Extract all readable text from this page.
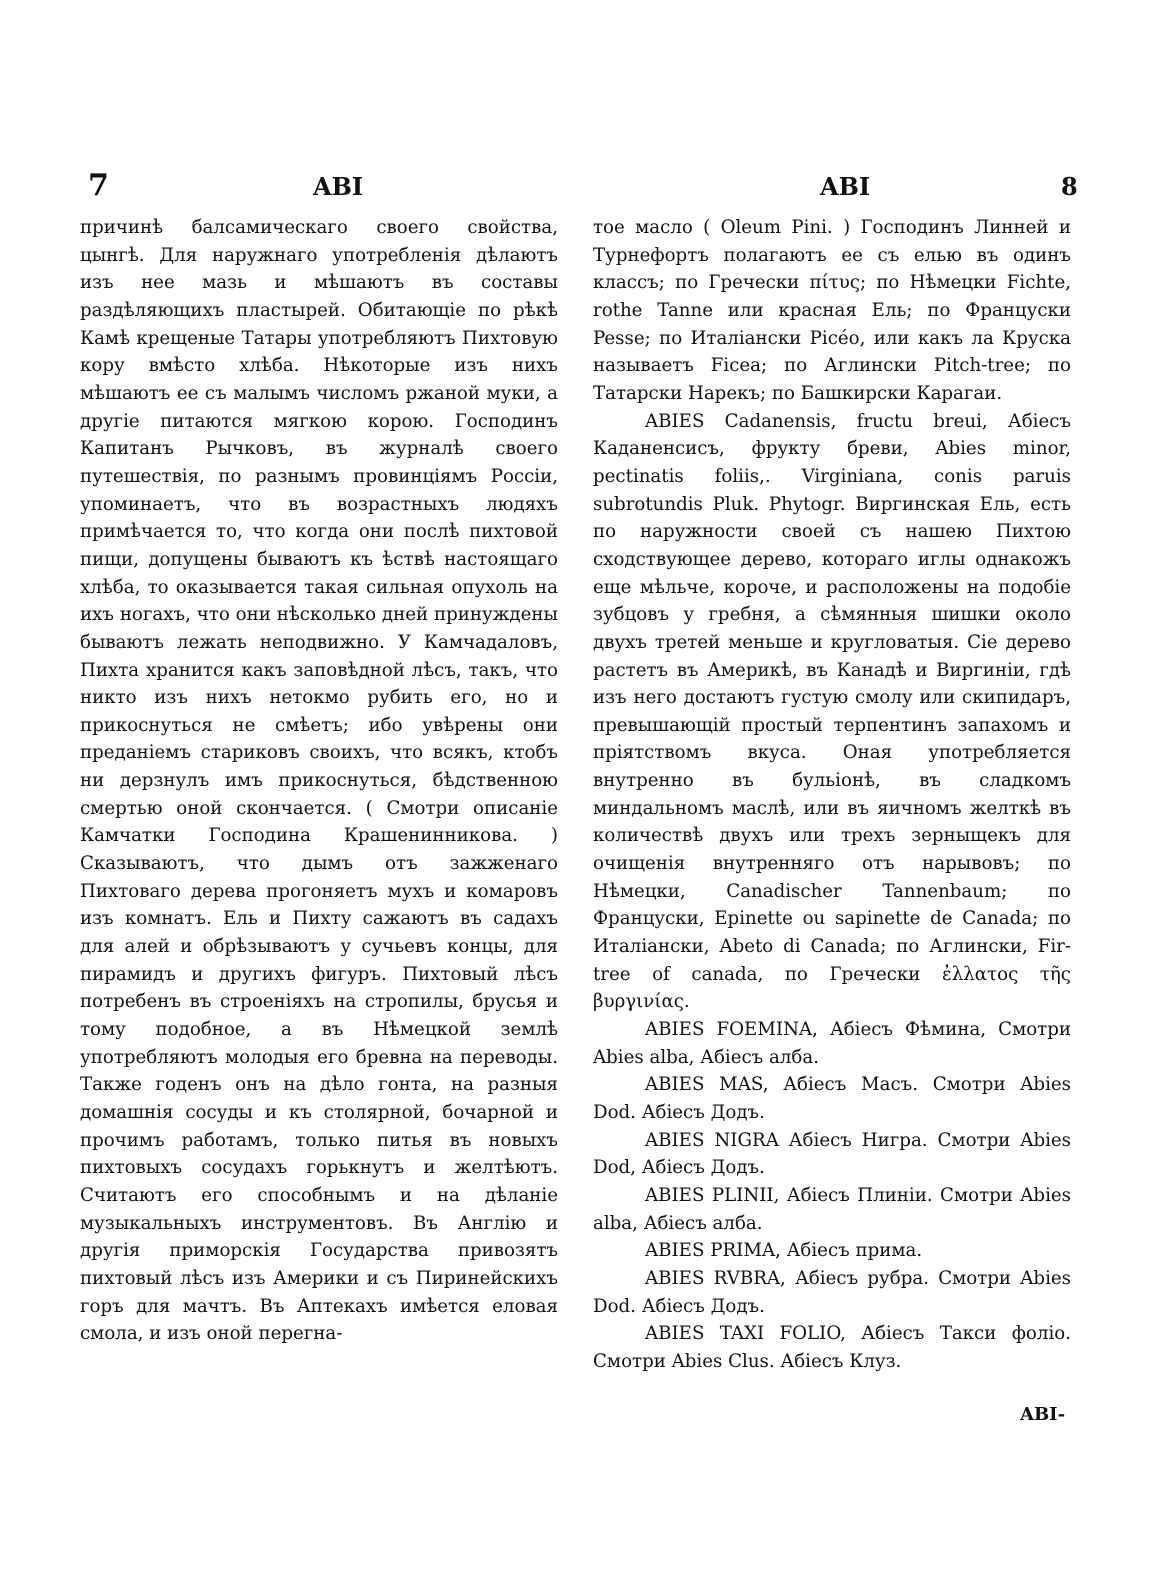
7	ABI	ABI	8

причинѣ балсамическаго своего свойства, цынгѣ. Для наружнаго употребленія дѣлаютъ изъ нее мазь и мѣшаютъ въ составы раздѣляющихъ пластырей. Обитающіе по рѣкѣ Камѣ крещеные Татары употребляютъ Пихтовую кору вмѣсто хлѣба. Нѣкоторые изъ нихъ мѣшаютъ ее съ малымъ числомъ ржаной муки, а другіе питаются мягкою корою. Господинъ Капитанъ Рычковъ, въ журналѣ своего путешествія, по разнымъ провинціямъ Россіи, упоминаетъ, что въ возрастныхъ людяхъ примѣчается то, что когда они послѣ пихтовой пищи, допущены бываютъ къ ѣствѣ настоящаго хлѣба, то оказывается такая сильная опухоль на ихъ ногахъ, что они нѣсколько дней принуждены бываютъ лежать неподвижно. У Камчадаловъ, Пихта хранится какъ заповѣдной лѣсъ, такъ, что никто изъ нихъ нетокмо рубить его, но и прикоснуться не смѣетъ; ибо увѣрены они преданіемъ стариковъ своихъ, что всякъ, ктобъ ни дерзнулъ имъ прикоснуться, бѣдственною смертью оной скончается. ( Смотри описаніе Камчатки Господина Крашенинникова. ) Сказываютъ, что дымъ отъ зажженаго Пихтоваго дерева прогоняетъ мухъ и комаровъ изъ комнатъ. Ель и Пихту сажаютъ въ садахъ для алей и обрѣзываютъ у сучьевъ концы, для пирамидъ и другихъ фигуръ. Пихтовый лѣсъ потребенъ въ строеніяхъ на стропилы, брусья и тому подобное, а въ Нѣмецкой землѣ употребляютъ молодыя его бревна на переводы. Также годенъ онъ на дѣло гонта, на разныя домашнія сосуды и къ столярной, бочарной и прочимъ работамъ, только питья въ новыхъ пихтовыхъ сосудахъ горькнутъ и желтѣютъ. Считаютъ его способнымъ и на дѣланіе музыкальныхъ инструментовъ. Въ Англію и другія приморскія Государства привозятъ пихтовый лѣсъ изъ Америки и съ Пиринейскихъ горъ для мачтъ. Въ Аптекахъ имѣется еловая смола, и изъ оной перегна-

тое масло ( Oleum Pini. ) Господинъ Линней и Турнефортъ полагаютъ ее съ елью въ одинъ классъ; по Гречески πίτυς; по Нѣмецки Fichte, rothe Tanne или красная Ель; по Француски Pesse; по Италіански Picéo, или какъ ла Круска называетъ Ficea; по Аглински Pitch-tree; по Татарски Нарекъ; по Башкирски Карагаи.

ABIES Cadanensis, fructu breui, Абіесъ Каданенсисъ, фрукту бреви, Abies minor, pectinatis foliis,. Virginiana, conis paruis subrotundis Pluk. Phytogr. Виргинская Ель, есть по наружности своей съ нашею Пихтою сходствующее дерево, котораго иглы однакожъ еще мѣльче, короче, и расположены на подобіе зубцовъ у гребня, а сѣмянныя шишки около двухъ третей меньше и кругловатыя. Сіе дерево растетъ въ Америкѣ, въ Канадѣ и Виргиніи, гдѣ изъ него достаютъ густую смолу или скипидаръ, превышающій простый терпентинъ запахомъ и пріятствомъ вкуса. Оная употребляется внутренно въ бульіонѣ, въ сладкомъ миндальномъ маслѣ, или въ яичномъ желткѣ въ количествѣ двухъ или трехъ зерныщекъ для очищенія внутренняго отъ нарывовъ; по Нѣмецки, Canadischer Tannenbaum; по Француски, Epinette ou sapinette de Canada; по Италіански, Abeto di Canada; по Аглински, Fir-tree of canada, по Гречески ἐλλατος τῆς βυργινίας.

ABIES FOEMINA, Абіесъ Фѣмина, Смотри Abies alba, Абіесъ алба.

ABIES MAS, Абіесъ Масъ. Смотри Abies Dod. Абіесъ Додъ.

ABIES NIGRA Абіесъ Нигра. Смотри Abies Dod, Абіесъ Додъ.

ABIES PLINII, Абіесъ Плиніи. Смотри Abies alba, Абіесъ алба.

ABIES PRIMA, Абіесъ прима.

ABIES RVBRA, Абіесъ рубра. Смотри Abies Dod. Абіесъ Додъ.

ABIES TAXI FOLIO, Абіесъ Такси фоліо. Смотри Abies Clus. Абіесъ Клуз.

ABI-
